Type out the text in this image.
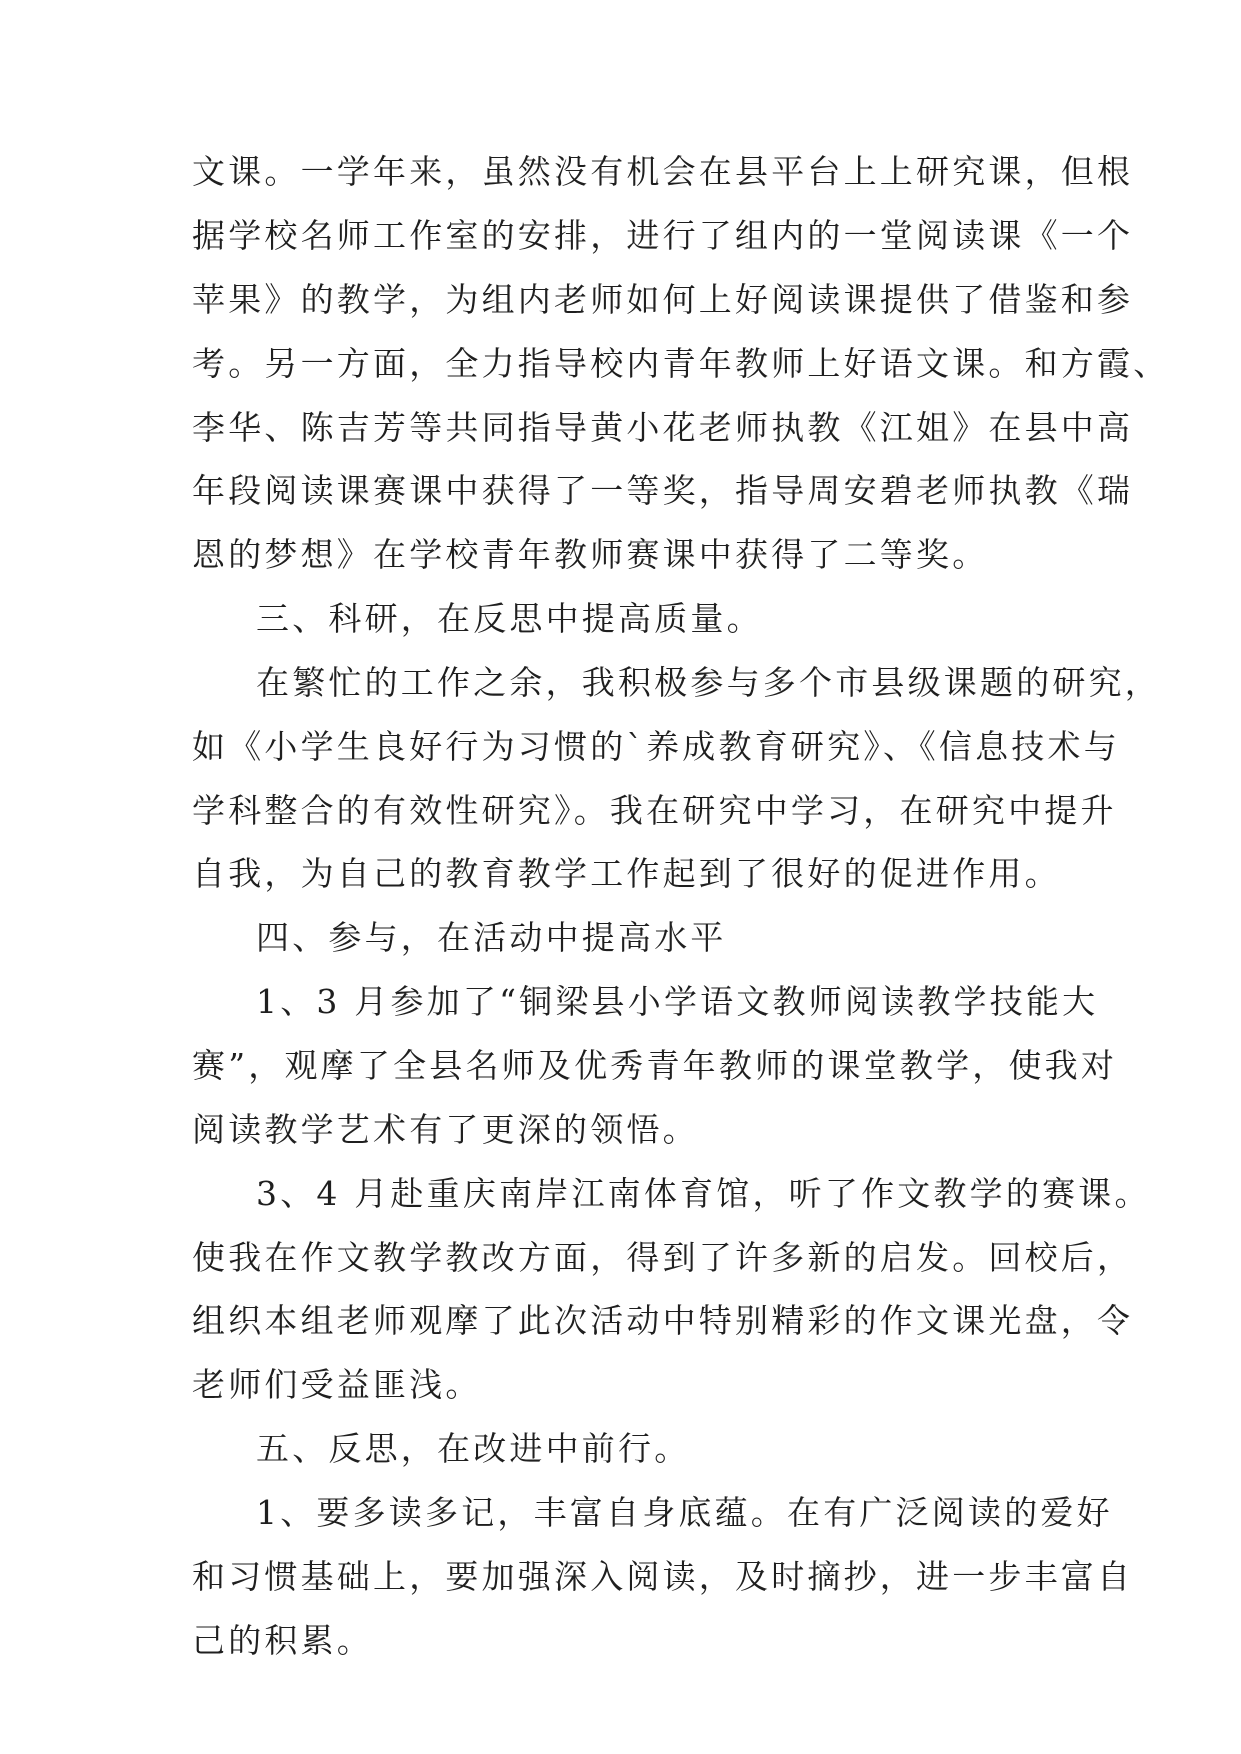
文课。一学年来，虽然没有机会在县平台上上研究课，但根
据学校名师工作室的安排，进行了组内的一堂阅读课《一个
苹果》的教学，为组内老师如何上好阅读课提供了借鉴和参
考。另一方面，全力指导校内青年教师上好语文课。和方霞、
李华、陈吉芳等共同指导黄小花老师执教《江姐》在县中高
年段阅读课赛课中获得了一等奖，指导周安碧老师执教《瑞
恩的梦想》在学校青年教师赛课中获得了二等奖。
三、科研，在反思中提高质量。
在繁忙的工作之余，我积极参与多个市县级课题的研究，
如《小学生良好行为习惯的`养成教育研究》、《信息技术与
学科整合的有效性研究》。我在研究中学习，在研究中提升
自我，为自己的教育教学工作起到了很好的促进作用。
四、参与，在活动中提高水平
1、3 月参加了“铜梁县小学语文教师阅读教学技能大
赛”，观摩了全县名师及优秀青年教师的课堂教学，使我对
阅读教学艺术有了更深的领悟。
3、4 月赴重庆南岸江南体育馆，听了作文教学的赛课。
使我在作文教学教改方面，得到了许多新的启发。回校后，
组织本组老师观摩了此次活动中特别精彩的作文课光盘，令
老师们受益匪浅。
五、反思，在改进中前行。
1、要多读多记，丰富自身底蕴。在有广泛阅读的爱好
和习惯基础上，要加强深入阅读，及时摘抄，进一步丰富自
己的积累。
